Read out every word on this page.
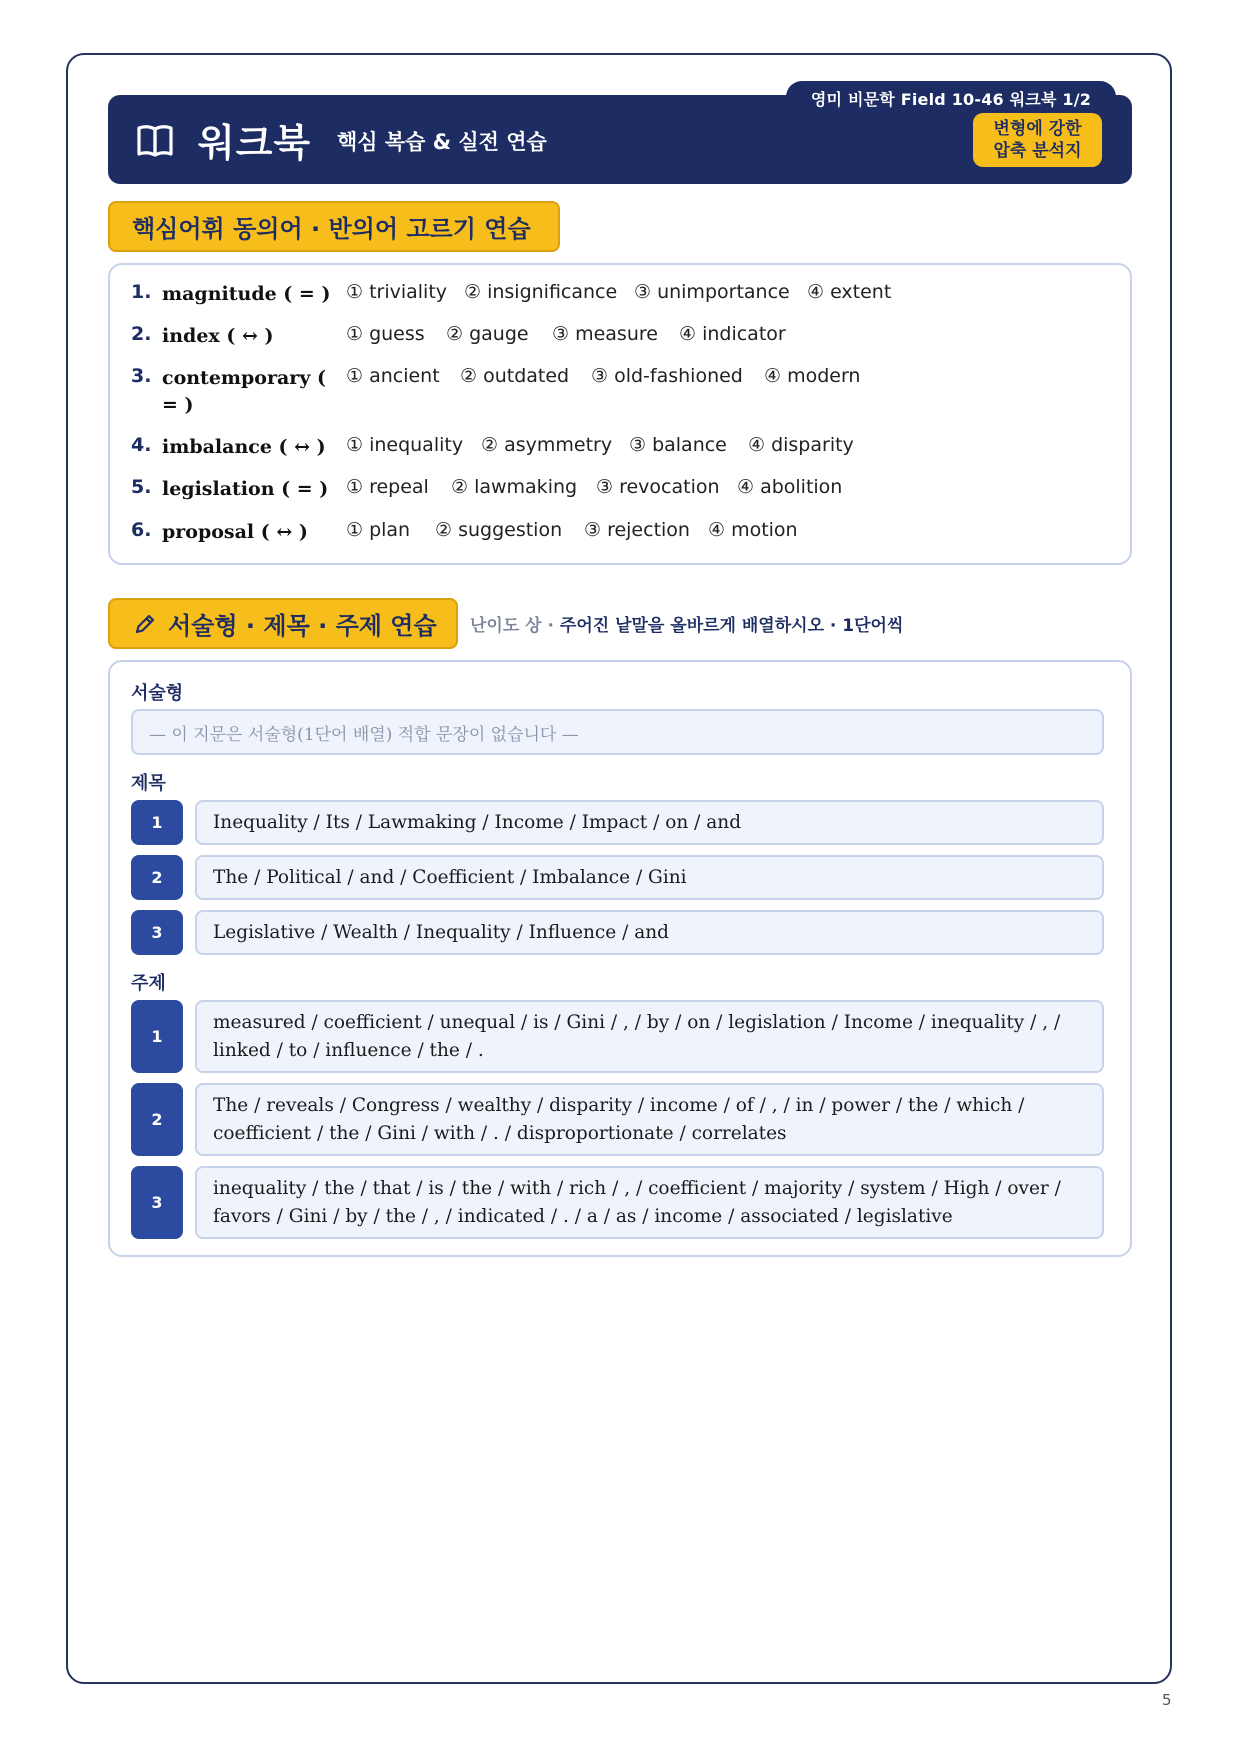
영미 비문학 Field 10-46 워크북 1/2
워크북 핵심 복습 & 실전 연습
변형에 강한
압축 분석지
핵심어휘 동의어 · 반의어 고르기 연습
1. magnitude ( = ) ① triviality ② insignificance ③ unimportance ④ extent
2. index ( ↔ )	① guess ② gauge ③ measure ④ indicator
3. contemporary ( = )
① ancient ② outdated ③ old-fashioned ④ modern
4. imbalance ( ↔ )	① inequality ② asymmetry ③ balance ④ disparity
5. legislation ( = ) ① repeal ② lawmaking ③ revocation ④ abolition
6. proposal ( ↔ )	① plan ② suggestion ③ rejection ④ motion
서술형 · 제목 · 주제 연습 난이도 상 · 주어진 낱말을 올바르게 배열하시오 · 1단어씩
서술형
— 이 지문은 서술형(1단어 배열) 적합 문장이 없습니다 —
제목
1	Inequality / Its / Lawmaking / Income / Impact / on / and
2	The / Political / and / Coefficient / Imbalance / Gini
3	Legislative / Wealth / Inequality / Influence / and
주제
1
measured / coefficient / unequal / is / Gini / , / by / on / legislation / Income / inequality / , / linked / to / influence / the / .
2
The / reveals / Congress / wealthy / disparity / income / of / , / in / power / the / which / coefficient / the / Gini / with / . / disproportionate / correlates
3
inequality / the / that / is / the / with / rich / , / coefficient / majority / system / High / over / favors / Gini / by / the / , / indicated / . / a / as / income / associated / legislative
5
